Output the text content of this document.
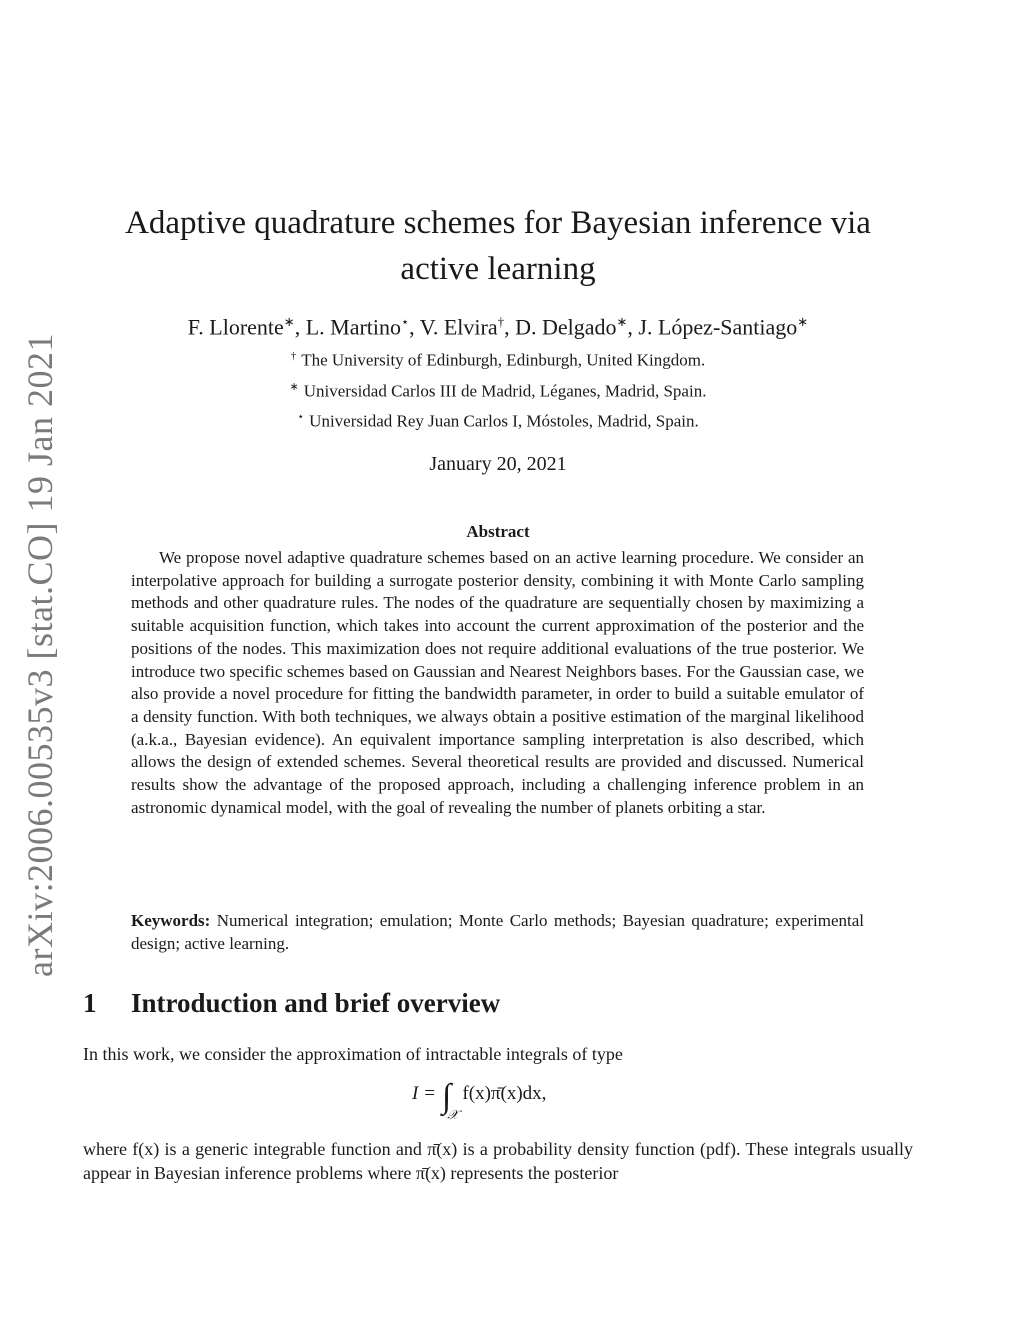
arXiv:2006.00535v3 [stat.CO] 19 Jan 2021
Adaptive quadrature schemes for Bayesian inference via
active learning
F. Llorente∗, L. Martino⋆, V. Elvira†, D. Delgado∗, J. López-Santiago∗
† The University of Edinburgh, Edinburgh, United Kingdom.
∗ Universidad Carlos III de Madrid, Léganes, Madrid, Spain.
⋆ Universidad Rey Juan Carlos I, Móstoles, Madrid, Spain.
January 20, 2021
Abstract

We propose novel adaptive quadrature schemes based on an active learning procedure. We consider an interpolative approach for building a surrogate posterior density, combining it with Monte Carlo sampling methods and other quadrature rules. The nodes of the quadrature are sequentially chosen by maximizing a suitable acquisition function, which takes into account the current approximation of the posterior and the positions of the nodes. This maximization does not require additional evaluations of the true posterior. We introduce two specific schemes based on Gaussian and Nearest Neighbors bases. For the Gaussian case, we also provide a novel procedure for fitting the bandwidth parameter, in order to build a suitable emulator of a density function. With both techniques, we always obtain a positive estimation of the marginal likelihood (a.k.a., Bayesian evidence). An equivalent importance sampling interpretation is also described, which allows the design of extended schemes. Several theoretical results are provided and discussed. Numerical results show the advantage of the proposed approach, including a challenging inference problem in an astronomic dynamical model, with the goal of revealing the number of planets orbiting a star.

Keywords: Numerical integration; emulation; Monte Carlo methods; Bayesian quadrature; experimental design; active learning.

1 Introduction and brief overview

In this work, we consider the approximation of intractable integrals of type

$I = \int_𝒳f(x)\pī(x)dx$,

where f(x) is a generic integrable function and π̄(x) is a probability density function (pdf). These integrals usually appear in Bayesian inference problems where π̄(x) represents the posterior
